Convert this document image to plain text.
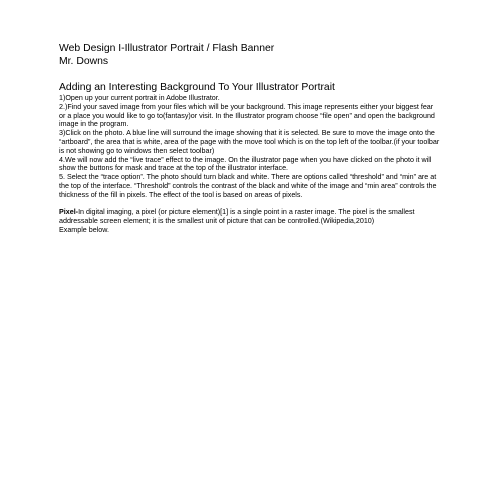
Web Design I-Illustrator Portrait / Flash Banner
Mr. Downs
Adding an Interesting Background To Your Illustrator Portrait

1)Open up your current portrait in Adobe Illustrator.

2.)Find your saved image from your files which will be your background. This image represents either your biggest fear or a place you would like to go to(fantasy)or visit. In the Illustrator program choose “file open” and open the background image in the program.

3)Click on the photo. A blue line will surround the image showing that it is selected. Be sure to move the image onto the “artboard”, the area that is white, area of the page with the move tool which is on the top left of the toolbar.(if your toolbar is not showing go to windows then select toolbar)

4.We will now add the “live trace” effect to the image. On the illustrator page when you have clicked on the photo it will show the buttons for mask and trace at the top of the illustrator interface.

5. Select the “trace option”. The photo should turn black and white. There are options called “threshold” and “min” are at the top of the interface. “Threshold” controls the contrast of the black and white of the image and “min area” controls the thickness of the fill in pixels. The effect of the tool is based on areas of pixels.

Pixel-In digital imaging, a pixel (or picture element)[1] is a single point in a raster image. The pixel is the smallest addressable screen element; it is the smallest unit of picture that can be controlled.(Wikipedia,2010)

Example below.
